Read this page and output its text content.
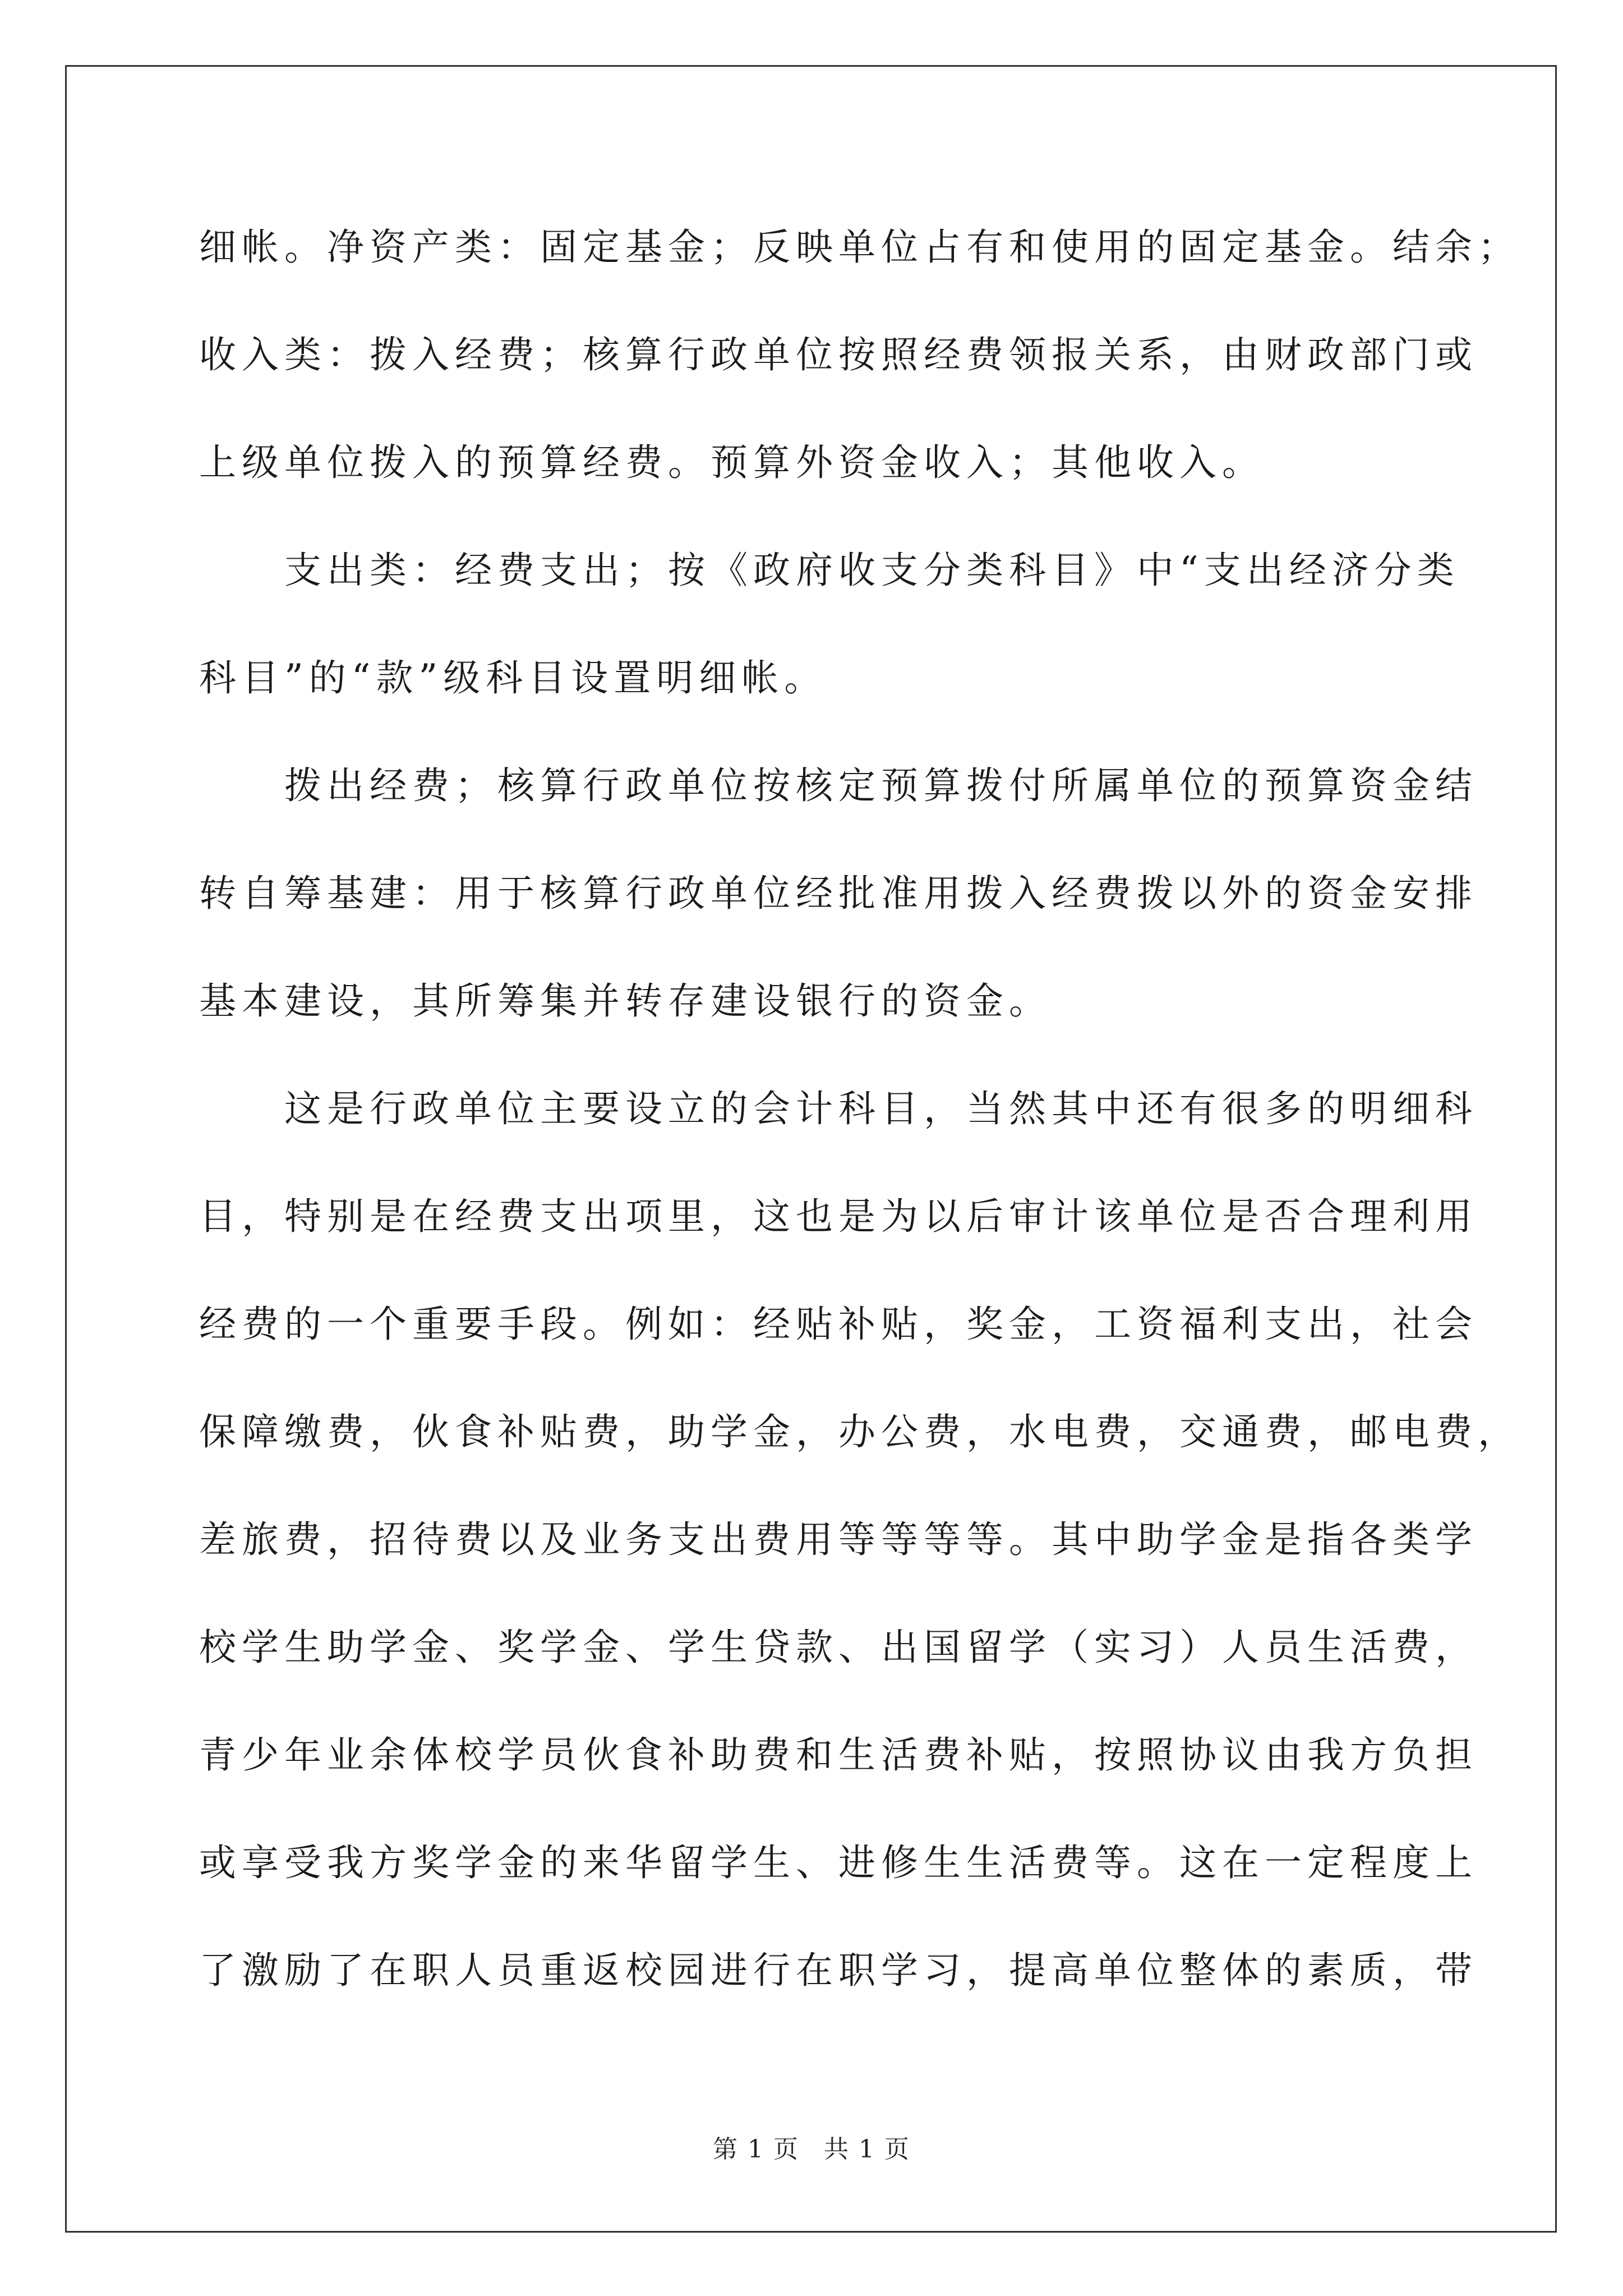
细帐。净资产类：固定基金；反映单位占有和使用的固定基金。结余；
收入类：拨入经费；核算行政单位按照经费领报关系，由财政部门或
上级单位拨入的预算经费。预算外资金收入；其他收入。
支出类：经费支出；按《政府收支分类科目》中“支出经济分类
科目”的“款”级科目设置明细帐。
拨出经费；核算行政单位按核定预算拨付所属单位的预算资金结
转自筹基建：用于核算行政单位经批准用拨入经费拨以外的资金安排
基本建设，其所筹集并转存建设银行的资金。
这是行政单位主要设立的会计科目，当然其中还有很多的明细科
目，特别是在经费支出项里，这也是为以后审计该单位是否合理利用
经费的一个重要手段。例如：经贴补贴，奖金，工资福利支出，社会
保障缴费，伙食补贴费，助学金，办公费，水电费，交通费，邮电费，
差旅费，招待费以及业务支出费用等等等等。其中助学金是指各类学
校学生助学金、奖学金、学生贷款、出国留学（实习）人员生活费，
青少年业余体校学员伙食补助费和生活费补贴，按照协议由我方负担
或享受我方奖学金的来华留学生、进修生生活费等。这在一定程度上
了激励了在职人员重返校园进行在职学习，提高单位整体的素质，带
第 1 页 共 1 页
